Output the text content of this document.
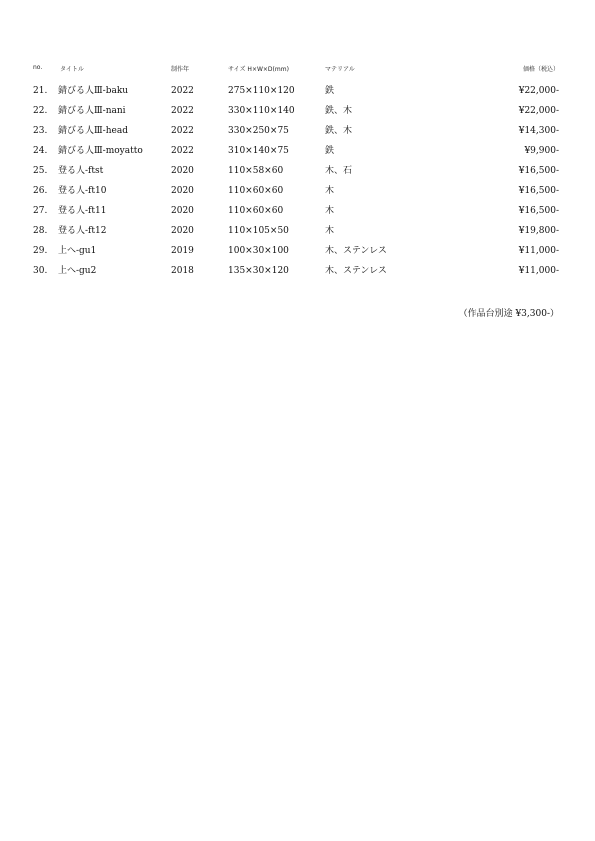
no.	タイトル	制作年	サイズ H×W×D(mm)	マテリアル	価格（税込）
21. 錆びる人Ⅲ-baku	2022	275×110×120	鉄	¥22,000-
22. 錆びる人Ⅲ-nani	2022	330×110×140	鉄、木	¥22,000-
23. 錆びる人Ⅲ-head	2022	330×250×75	鉄、木	¥14,300-
24. 錆びる人Ⅲ-moyatto	2022	310×140×75	鉄	¥9,900-
25. 登る人-ftst	2020	110×58×60	木、石	¥16,500-
26. 登る人-ft10	2020	110×60×60	木	¥16,500-
27. 登る人-ft11	2020	110×60×60	木	¥16,500-
28. 登る人-ft12	2020	110×105×50	木	¥19,800-
29. 上へ-gu1	2019	100×30×100	木、ステンレス	¥11,000-
30. 上へ-gu2	2018	135×30×120	木、ステンレス	¥11,000-
（作品台別途 ¥3,300-）
